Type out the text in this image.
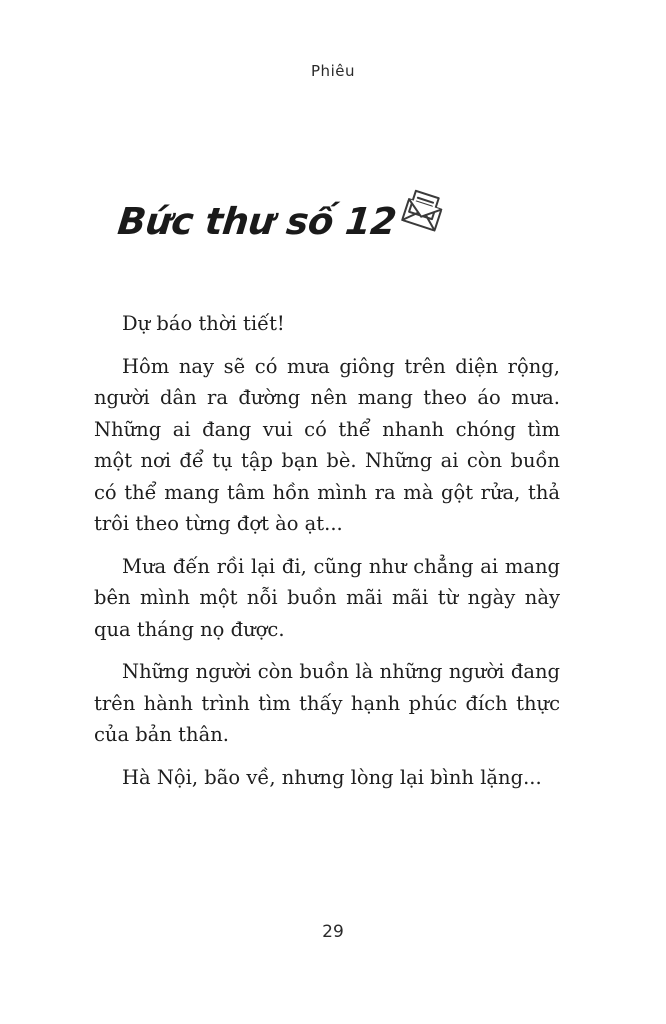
Phiêu
Bức thư số 12

Dự báo thời tiết!

Hôm nay sẽ có mưa giông trên diện rộng, người dân ra đường nên mang theo áo mưa. Những ai đang vui có thể nhanh chóng tìm một nơi để tụ tập bạn bè. Những ai còn buồn có thể mang tâm hồn mình ra mà gột rửa, thả trôi theo từng đợt ào ạt...

Mưa đến rồi lại đi, cũng như chẳng ai mang bên mình một nỗi buồn mãi mãi từ ngày này qua tháng nọ được.

Những người còn buồn là những người đang trên hành trình tìm thấy hạnh phúc đích thực của bản thân.

Hà Nội, bão về, nhưng lòng lại bình lặng...

29
